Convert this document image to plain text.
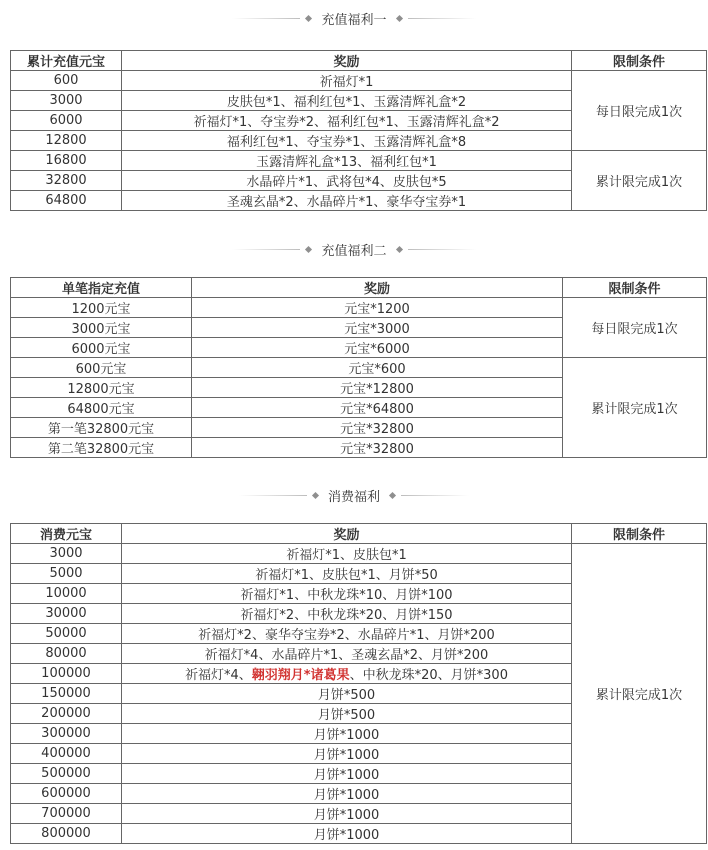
充值福利一
累计充值元宝	奖励	限制条件
600	祈福灯*1	每日限完成1次
3000	皮肤包*1、福利红包*1、玉露清辉礼盒*2	
6000	祈福灯*1、夺宝券*2、福利红包*1、玉露清辉礼盒*2	
12800	福利红包*1、夺宝券*1、玉露清辉礼盒*8	
16800	玉露清辉礼盒*13、福利红包*1	累计限完成1次
32800	水晶碎片*1、武将包*4、皮肤包*5	
64800	圣魂玄晶*2、水晶碎片*1、豪华夺宝券*1	
充值福利二
单笔指定充值	奖励	限制条件
1200元宝	元宝*1200	每日限完成1次
3000元宝	元宝*3000	
6000元宝	元宝*6000	
600元宝	元宝*600	累计限完成1次
12800元宝	元宝*12800	
64800元宝	元宝*64800	
第一笔32800元宝	元宝*32800	
第二笔32800元宝	元宝*32800	
消费福利
消费元宝	奖励	限制条件
3000	祈福灯*1、皮肤包*1	累计限完成1次
5000	祈福灯*1、皮肤包*1、月饼*50	
10000	祈福灯*1、中秋龙珠*10、月饼*100	
30000	祈福灯*2、中秋龙珠*20、月饼*150	
50000	祈福灯*2、豪华夺宝券*2、水晶碎片*1、月饼*200	
80000	祈福灯*4、水晶碎片*1、圣魂玄晶*2、月饼*200	
100000	祈福灯*4、翱羽翔月*诸葛果、中秋龙珠*20、月饼*300	
150000	月饼*500	
200000	月饼*500	
300000	月饼*1000	
400000	月饼*1000	
500000	月饼*1000	
600000	月饼*1000	
700000	月饼*1000	
800000	月饼*1000	
